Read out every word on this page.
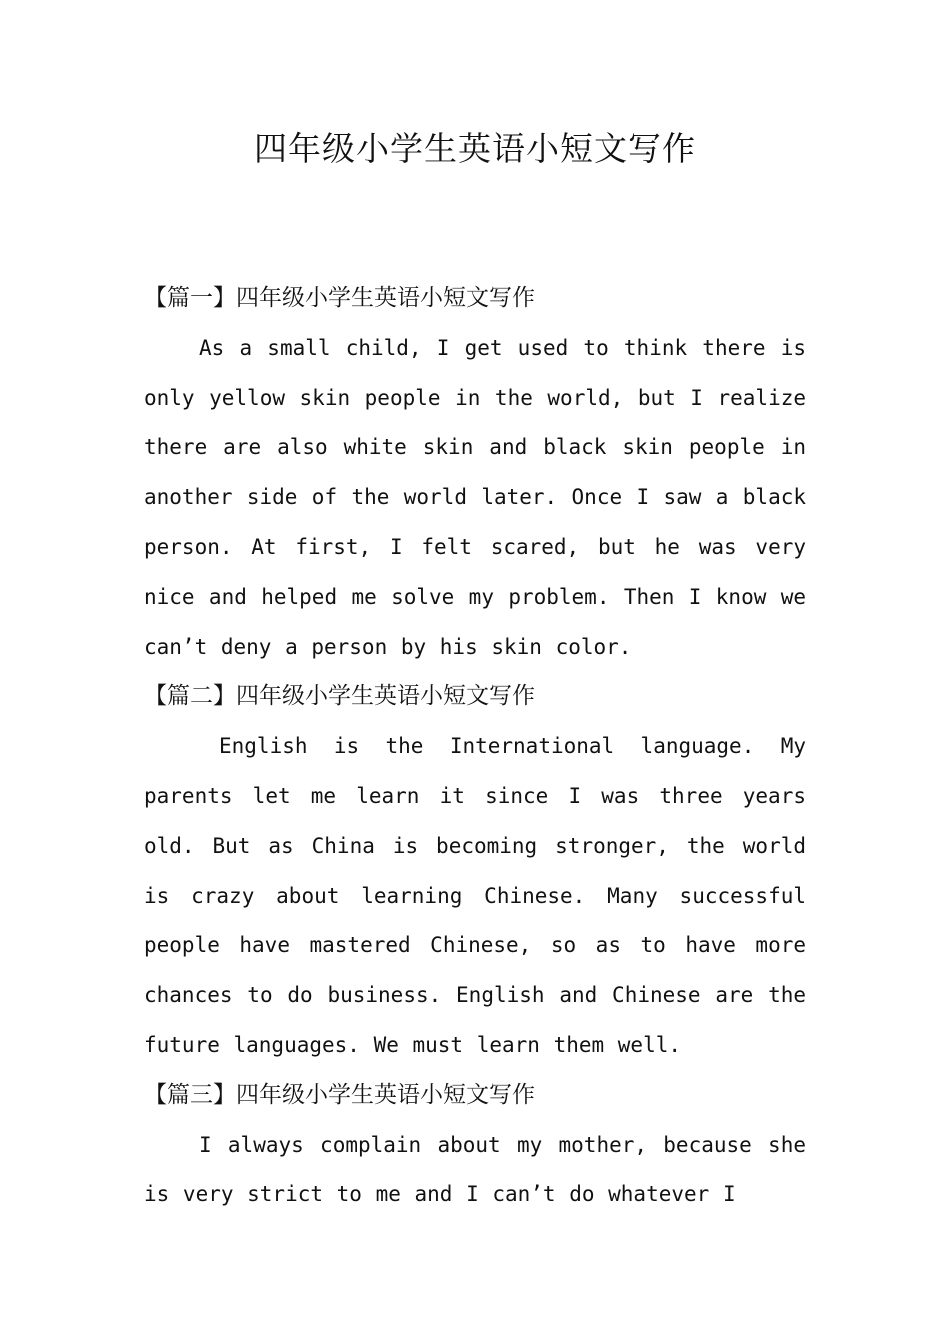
四年级小学生英语小短文写作
【篇一】四年级小学生英语小短文写作

As a small child, I get used to think there is only yellow skin people in the world, but I realize there are also white skin and black skin people in another side of the world later. Once I saw a black person. At first, I felt scared, but he was very nice and helped me solve my problem. Then I know we can’t deny a person by his skin color.

【篇二】四年级小学生英语小短文写作

English is the International language. My parents let me learn it since I was three years old. But as China is becoming stronger, the world is crazy about learning Chinese. Many successful people have mastered Chinese, so as to have more chances to do business. English and Chinese are the future languages. We must learn them well.

【篇三】四年级小学生英语小短文写作

I always complain about my mother, because she is very strict to me and I can’t do whatever I
